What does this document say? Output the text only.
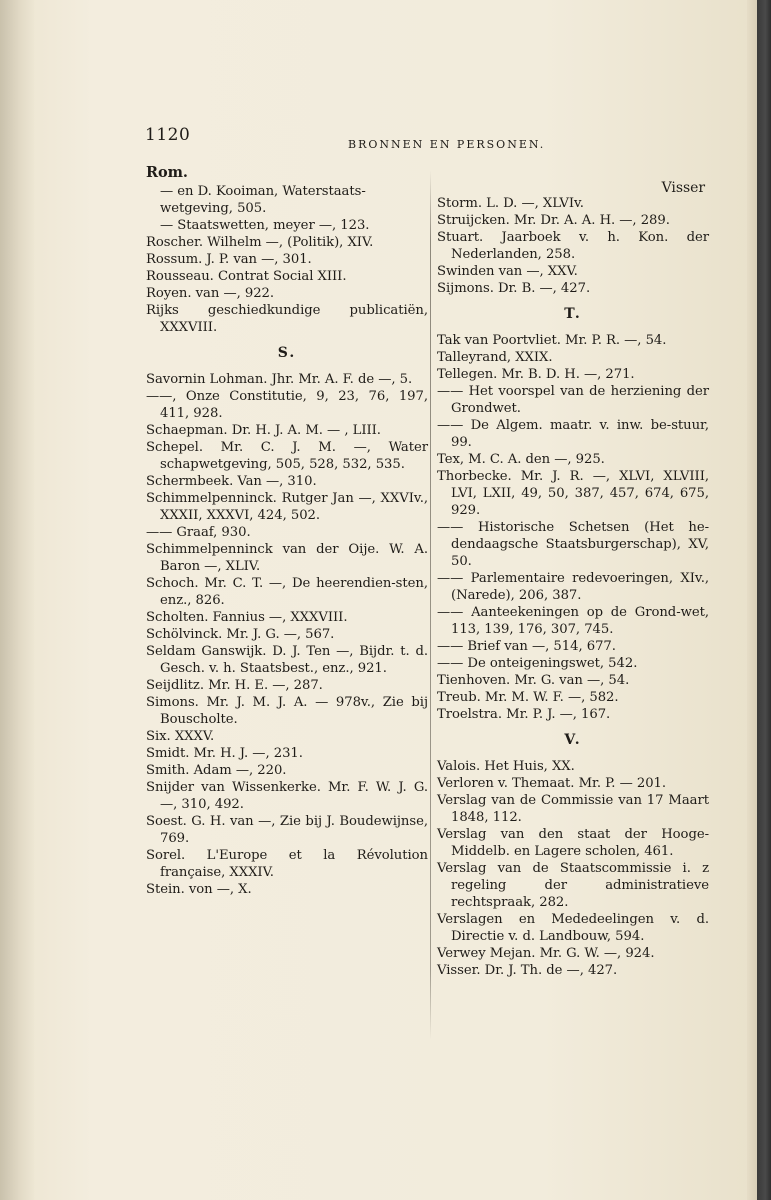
1120	BRONNEN EN PERSONEN.
Rom.
— en D. Kooiman, Waterstaats-wetgeving, 505.
— Staatswetten, meyer —, 123.
Roscher. Wilhelm —, (Politik), XIV.
Rossum. J. P. van —, 301.
Rousseau. Contrat Social XIII.
Royen. van —, 922.
Rijks geschiedkundige publicatiën, XXXVIII.
S.
Savornin Lohman. Jhr. Mr. A. F. de —, 5.
——, Onze Constitutie, 9, 23, 76, 197, 411, 928.
Schaepman. Dr. H. J. A. M. — , LIII.
Schepel. Mr. C. J. M. —, Water schapwetgeving, 505, 528, 532, 535.
Schermbeek. Van —, 310.
Schimmelpenninck. Rutger Jan —, XXVIv., XXXII, XXXVI, 424, 502.
—— Graaf, 930.
Schimmelpenninck van der Oije. W. A. Baron —, XLIV.
Schoch. Mr. C. T. —, De heerendien-sten, enz., 826.
Scholten. Fannius —, XXXVIII.
Schölvinck. Mr. J. G. —, 567.
Seldam Ganswijk. D. J. Ten —, Bijdr. t. d. Gesch. v. h. Staatsbest., enz., 921.
Seijdlitz. Mr. H. E. —, 287.
Simons. Mr. J. M. J. A. — 978v., Zie bij Bouscholte.
Six. XXXV.
Smidt. Mr. H. J. —, 231.
Smith. Adam —, 220.
Snijder van Wissenkerke. Mr. F. W. J. G. —, 310, 492.
Soest. G. H. van —, Zie bij J. Boudewijnse, 769.
Sorel. L'Europe et la Révolution française, XXXIV.
Stein. von —, X.
Visser
Storm. L. D. —, XLVIv.
Struijcken. Mr. Dr. A. A. H. —, 289.
Stuart. Jaarboek v. h. Kon. der Nederlanden, 258.
Swinden van —, XXV.
Sijmons. Dr. B. —, 427.
T.
Tak van Poortvliet. Mr. P. R. —, 54.
Talleyrand, XXIX.
Tellegen. Mr. B. D. H. —, 271.
—— Het voorspel van de herziening der Grondwet.
—— De Algem. maatr. v. inw. be-stuur, 99.
Tex, M. C. A. den —, 925.
Thorbecke. Mr. J. R. —, XLVI, XLVIII, LVI, LXII, 49, 50, 387, 457, 674, 675, 929.
—— Historische Schetsen (Het he-dendaagsche Staatsburgerschap), XV, 50.
—— Parlementaire redevoeringen, XIv., (Narede), 206, 387.
—— Aanteekeningen op de Grond-wet, 113, 139, 176, 307, 745.
—— Brief van —, 514, 677.
—— De onteigeningswet, 542.
Tienhoven. Mr. G. van —, 54.
Treub. Mr. M. W. F. —, 582.
Troelstra. Mr. P. J. —, 167.
V.
Valois. Het Huis, XX.
Verloren v. Themaat. Mr. P. — 201.
Verslag van de Commissie van 17 Maart 1848, 112.
Verslag van den staat der Hooge-Middelb. en Lagere scholen, 461.
Verslag van de Staatscommissie i. z regeling der administratieve rechtspraak, 282.
Verslagen en Mededeelingen v. d. Directie v. d. Landbouw, 594.
Verwey Mejan. Mr. G. W. —, 924.
Visser. Dr. J. Th. de —, 427.
